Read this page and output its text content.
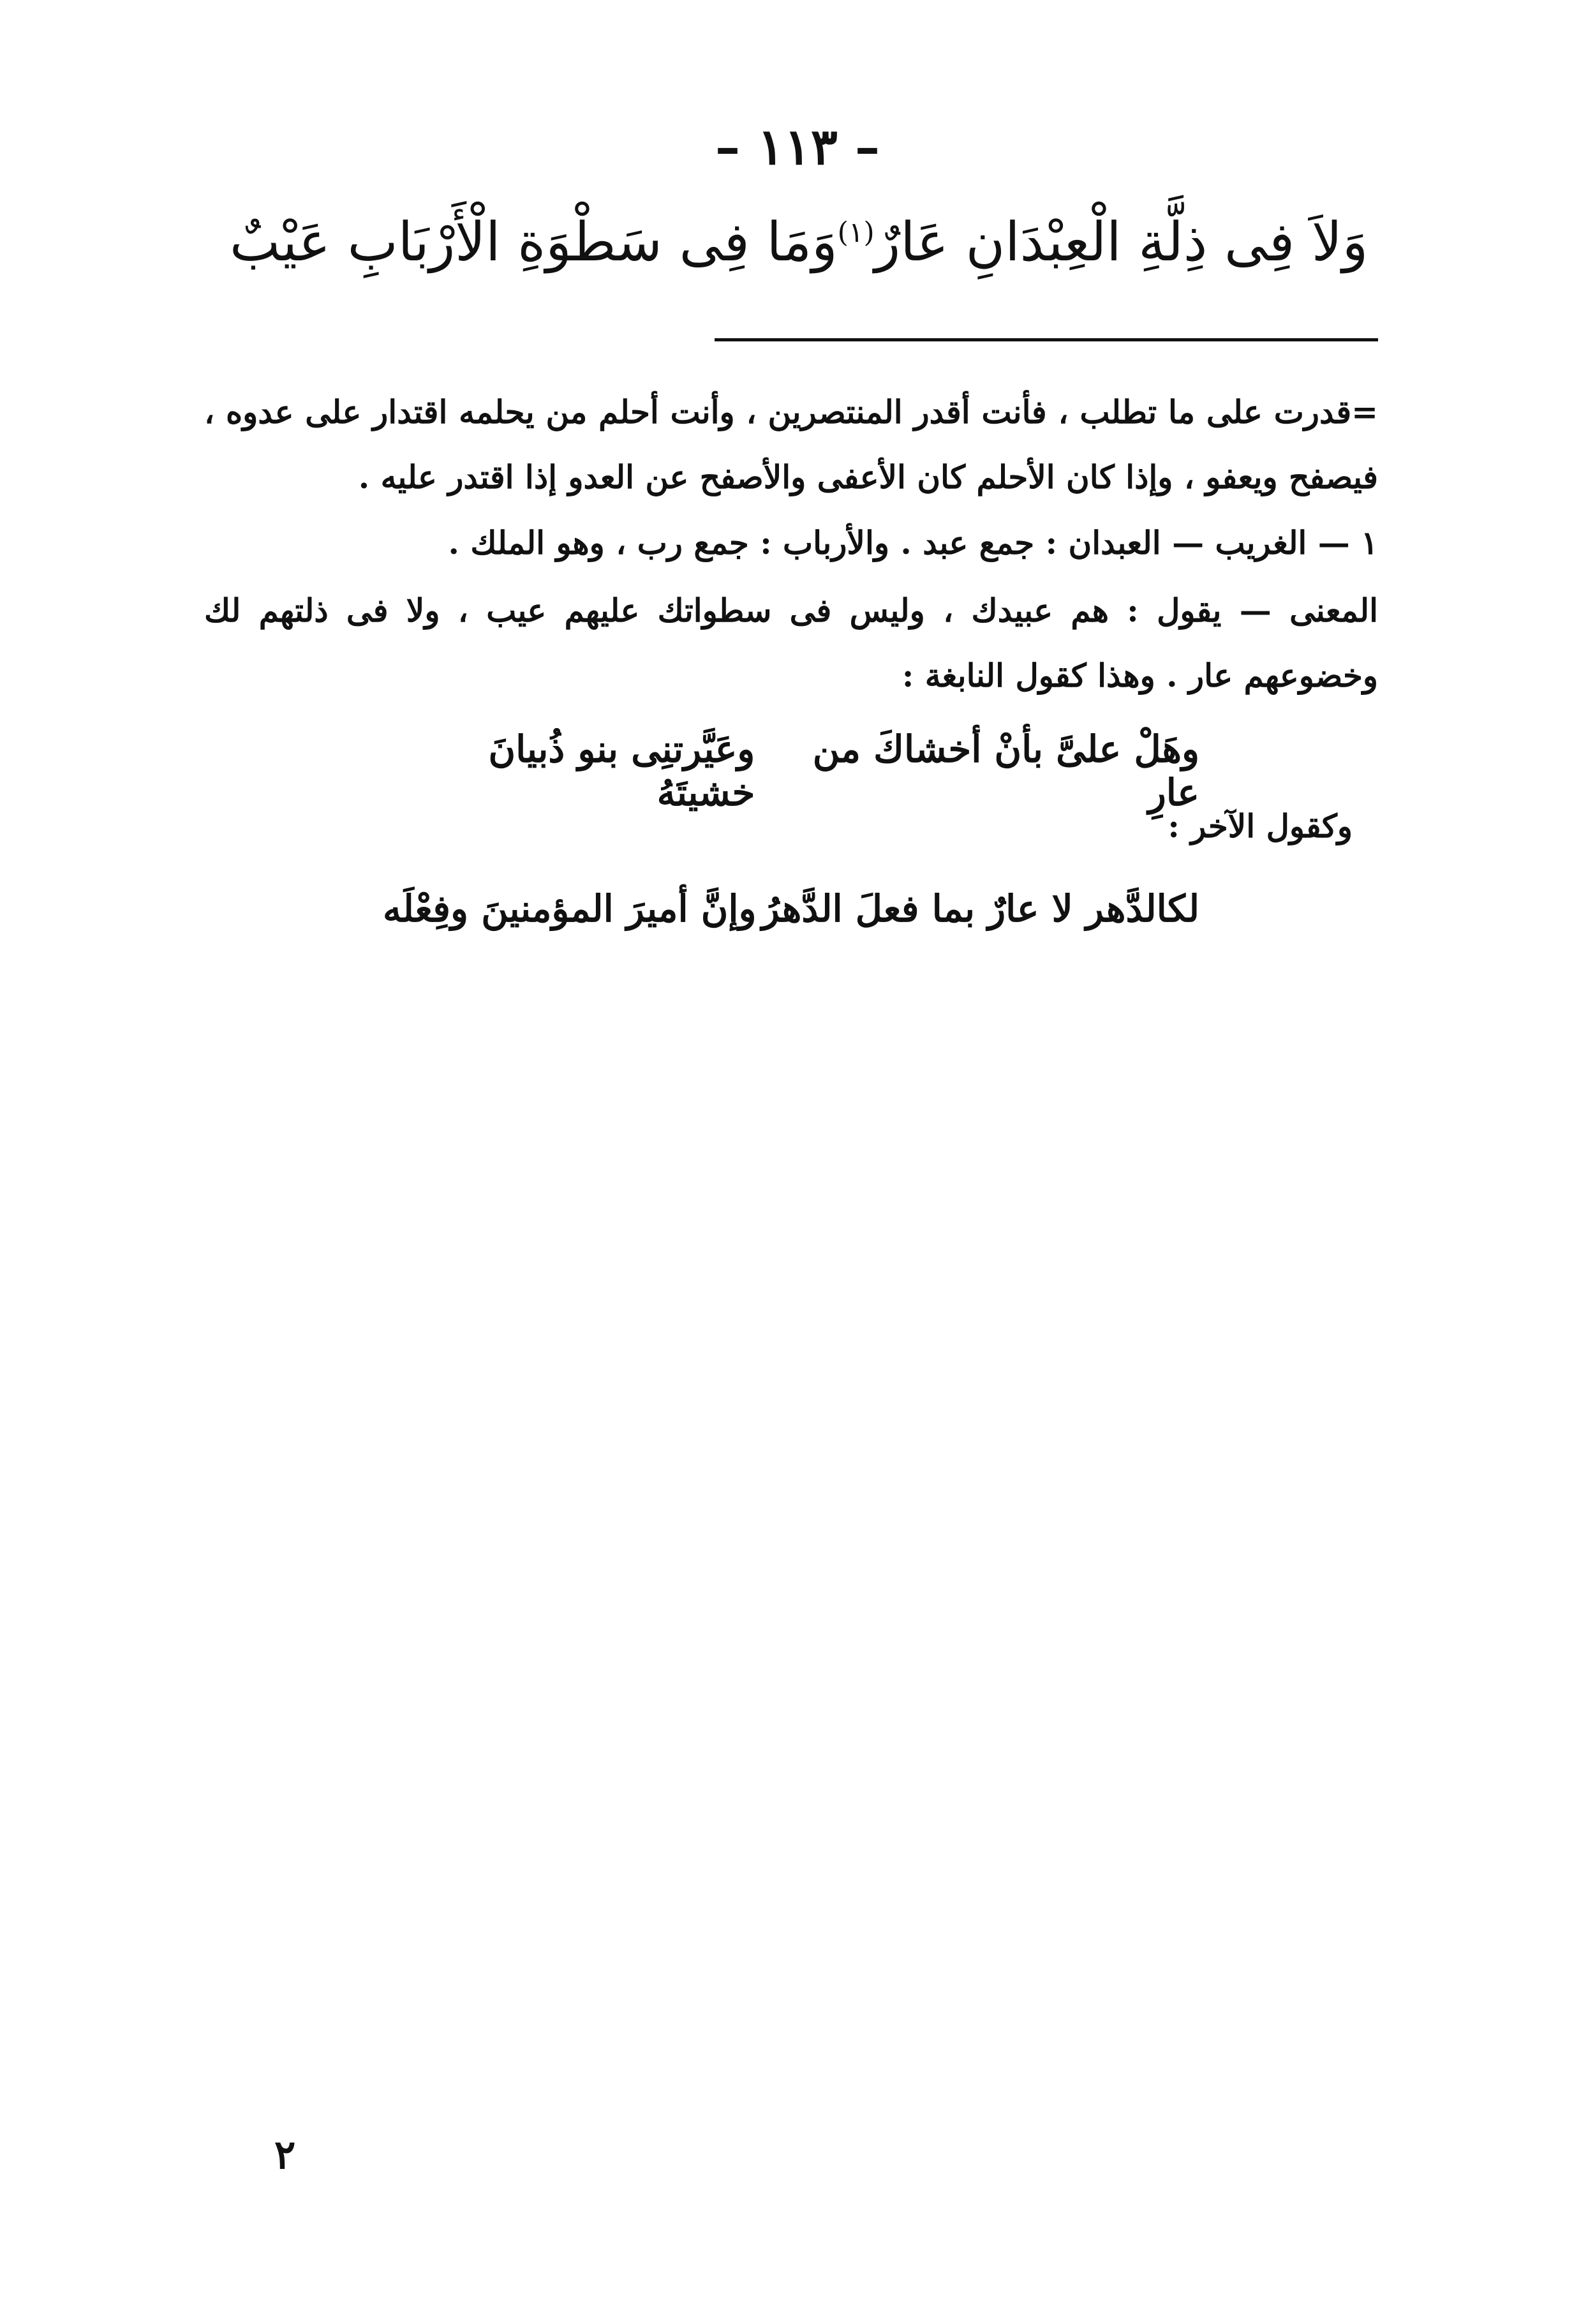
– ١١٣ –
وَمَا فِى سَطْوَةِ الْأَرْبَابِ عَيْبٌ وَلاَ فِى ذِلَّةِ الْعِبْدَانِ عَارٌ$^{(١)}$

=قدرت على ما تطلب ، فأنت أقدر المنتصرين ، وأنت أحلم من يحلمه اقتدار على عدوه ، فيصفح ويعفو ، وإذا كان الأحلم كان الأعفى والأصفح عن العدو إذا اقتدر عليه .

١ — الغريب — العبدان : جمع عبد . والأرباب : جمع رب ، وهو الملك .

المعنى — يقول : هم عبيدك ، وليس فى سطواتك عليهم عيب ، ولا فى ذلتهم لك وخضوعهم عار . وهذا كقول النابغة :

وعَيَّرتنِى بنو ذُبيانَ خشيتَهُ
وهَلْ علىَّ بأنْ أخشاكَ من عارِ
وكقول الآخر :
وإنَّ أميرَ المؤمنينَ وفِعْلَه لكالدَّهر لا عارٌ بما فعلَ الدَّهرُ
٢
